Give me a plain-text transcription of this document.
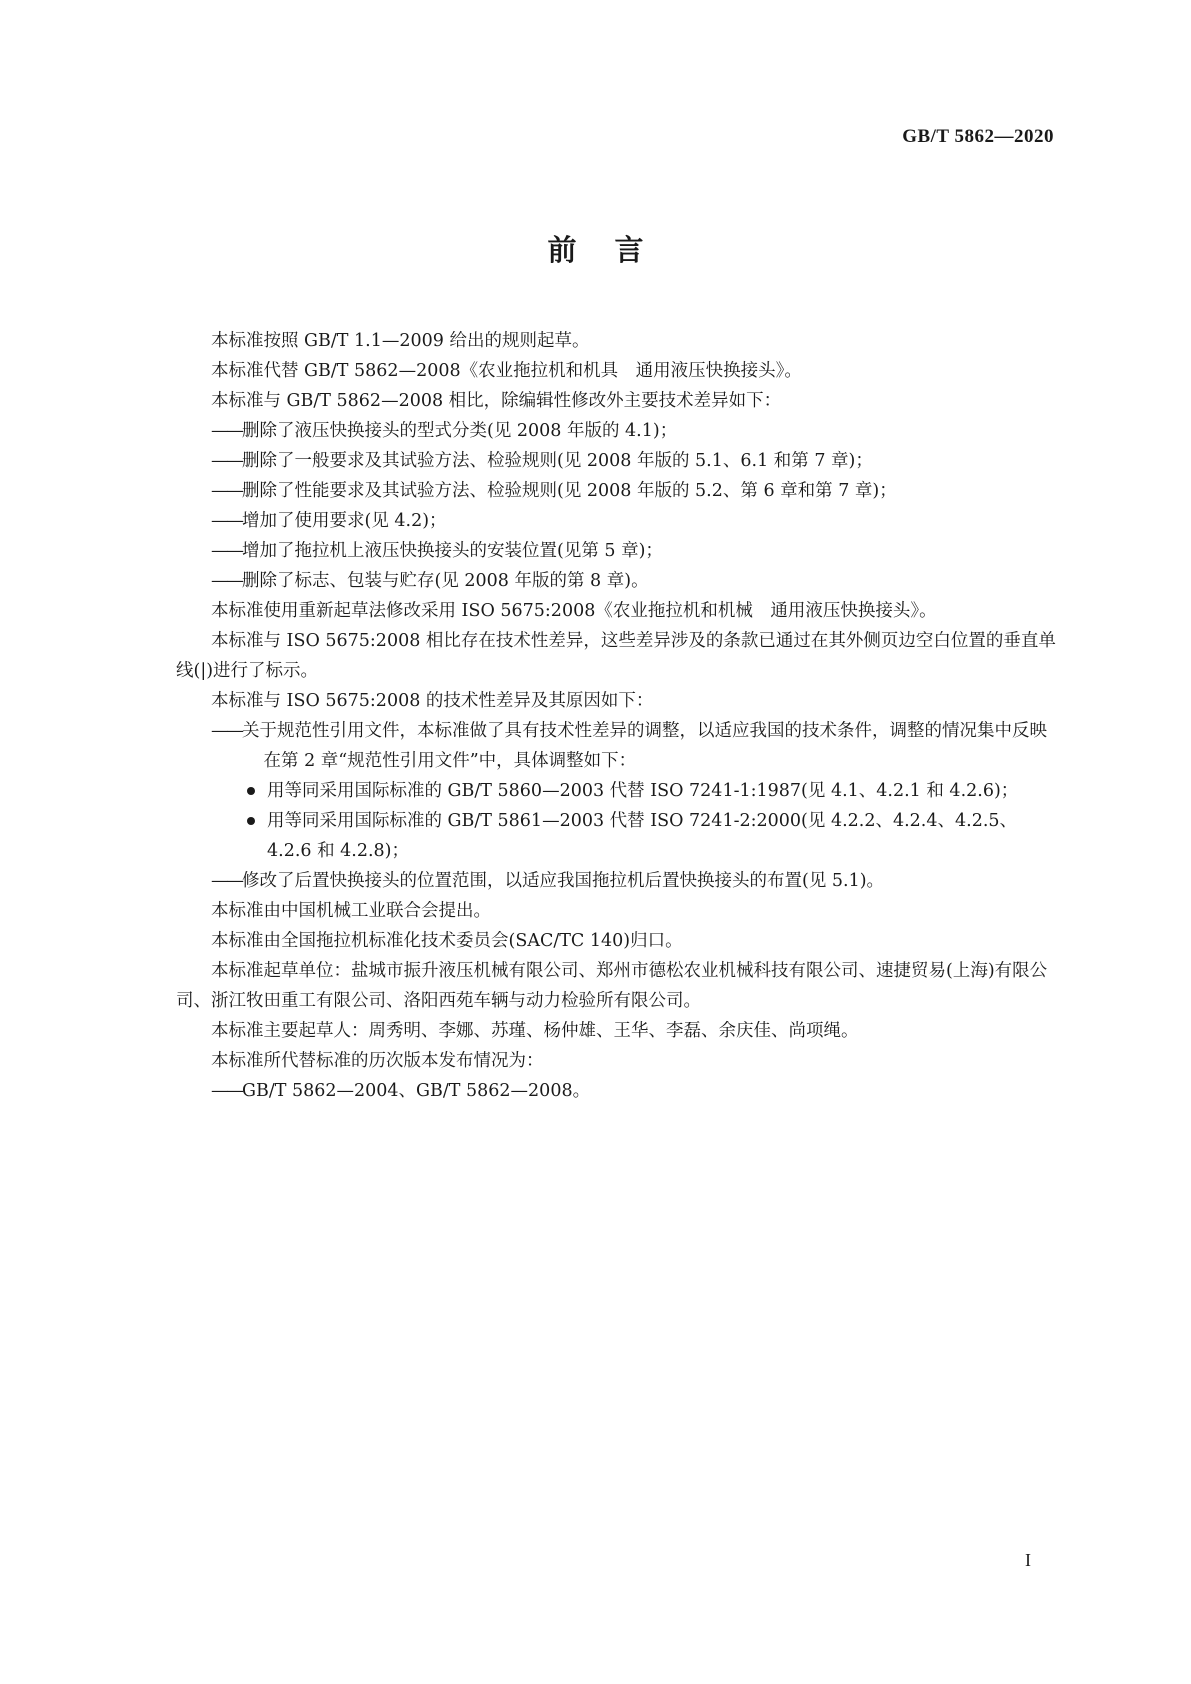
GB/T 5862—2020
前言

本标准按照 GB/T 1.1—2009 给出的规则起草。

本标准代替 GB/T 5862—2008《农业拖拉机和机具　通用液压快换接头》。

本标准与 GB/T 5862—2008 相比，除编辑性修改外主要技术差异如下：

——删除了液压快换接头的型式分类(见 2008 年版的 4.1)；

——删除了一般要求及其试验方法、检验规则(见 2008 年版的 5.1、6.1 和第 7 章)；

——删除了性能要求及其试验方法、检验规则(见 2008 年版的 5.2、第 6 章和第 7 章)；

——增加了使用要求(见 4.2)；

——增加了拖拉机上液压快换接头的安装位置(见第 5 章)；

——删除了标志、包装与贮存(见 2008 年版的第 8 章)。

本标准使用重新起草法修改采用 ISO 5675:2008《农业拖拉机和机械　通用液压快换接头》。

本标准与 ISO 5675:2008 相比存在技术性差异，这些差异涉及的条款已通过在其外侧页边空白位置的垂直单线(|)进行了标示。

本标准与 ISO 5675:2008 的技术性差异及其原因如下：

——关于规范性引用文件，本标准做了具有技术性差异的调整，以适应我国的技术条件，调整的情况集中反映在第 2 章“规范性引用文件”中，具体调整如下：

用等同采用国际标准的 GB/T 5860—2003 代替 ISO 7241-1:1987(见 4.1、4.2.1 和 4.2.6)；

用等同采用国际标准的 GB/T 5861—2003 代替 ISO 7241-2:2000(见 4.2.2、4.2.4、4.2.5、4.2.6 和 4.2.8)；

——修改了后置快换接头的位置范围，以适应我国拖拉机后置快换接头的布置(见 5.1)。

本标准由中国机械工业联合会提出。

本标准由全国拖拉机标准化技术委员会(SAC/TC 140)归口。

本标准起草单位：盐城市振升液压机械有限公司、郑州市德松农业机械科技有限公司、速捷贸易(上海)有限公司、浙江牧田重工有限公司、洛阳西苑车辆与动力检验所有限公司。

本标准主要起草人：周秀明、李娜、苏瑾、杨仲雄、王华、李磊、余庆佳、尚项绳。

本标准所代替标准的历次版本发布情况为：

——GB/T 5862—2004、GB/T 5862—2008。

I
